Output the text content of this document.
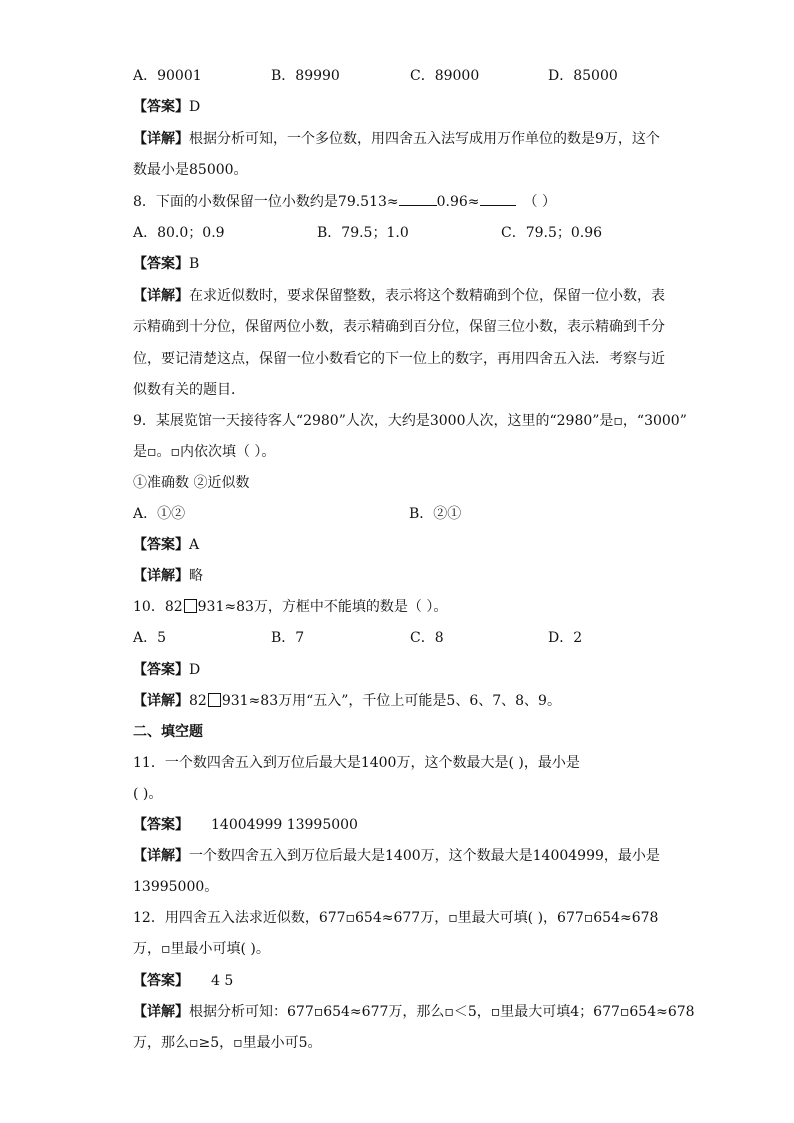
A．90001	B．89990	C．89000	D．85000
【答案】D
【详解】根据分析可知，一个多位数，用四舍五入法写成用万作单位的数是9万，这个
数最小是85000。
8．下面的小数保留一位小数约是79.513≈	0.96≈	（ ）
A．80.0；0.9	B．79.5；1.0	C．79.5；0.96
【答案】B
【详解】在求近似数时，要求保留整数，表示将这个数精确到个位，保留一位小数，表
示精确到十分位，保留两位小数，表示精确到百分位，保留三位小数，表示精确到千分
位，要记清楚这点，保留一位小数看它的下一位上的数字，再用四舍五入法．考察与近
似数有关的题目．
9．某展览馆一天接待客人“2980”人次，大约是3000人次，这里的“2980”是▫，“3000”
是▫。▫内依次填（ ）。
①准确数 ②近似数
A．①②	B．②①
【答案】A
【详解】略
10．82 931≈83万，方框中不能填的数是（ ）。
A．5	B．7	C．8	D．2
【答案】D
【详解】82 931≈83万用“五入”，千位上可能是5、6、7、8、9。
二、填空题
11．一个数四舍五入到万位后最大是1400万，这个数最大是( )，最小是
( )。
【答案】 14004999 13995000
【详解】一个数四舍五入到万位后最大是1400万，这个数最大是14004999，最小是
13995000。
12．用四舍五入法求近似数，677▫654≈677万，▫里最大可填( )，677▫654≈678
万，▫里最小可填( )。
【答案】 4 5
【详解】根据分析可知：677▫654≈677万，那么▫＜5，▫里最大可填4；677▫654≈678
万，那么▫≥5，▫里最小可5。
